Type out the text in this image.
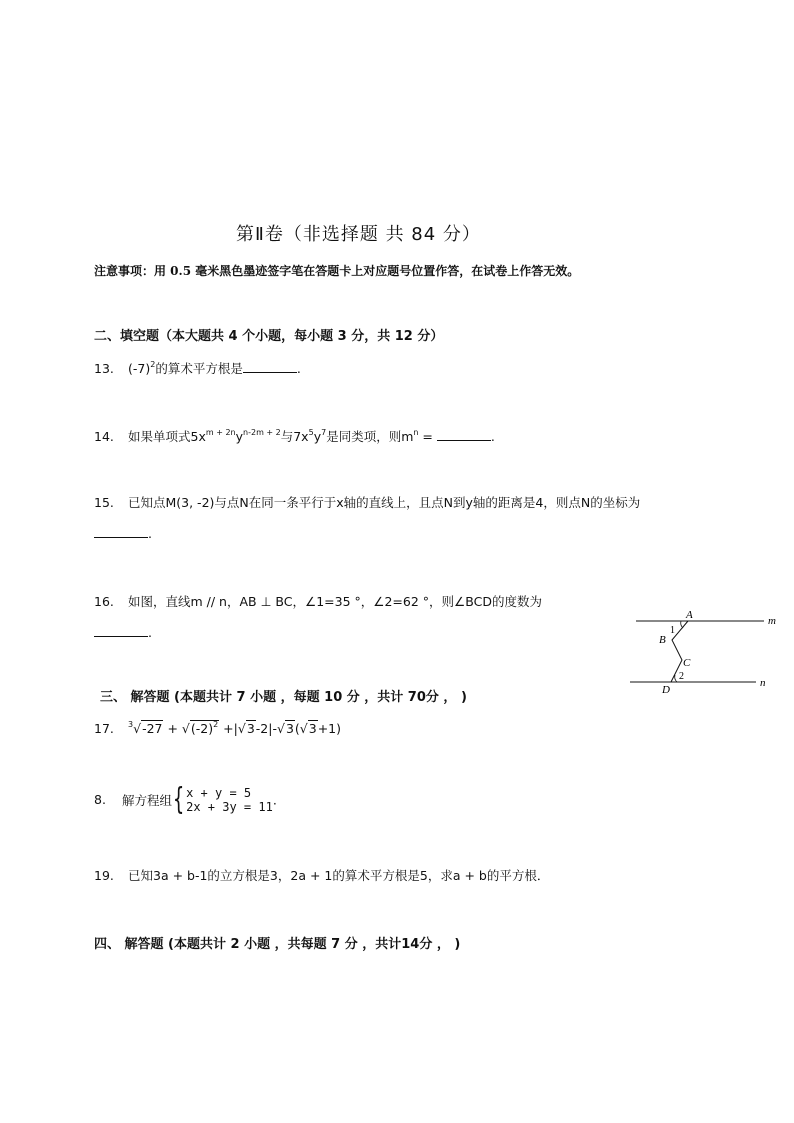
第Ⅱ卷（非选择题 共 84 分）
注意事项：用 0.5 毫米黑色墨迹签字笔在答题卡上对应题号位置作答，在试卷上作答无效。
二、填空题（本大题共 4 个小题，每小题 3 分，共 12 分）
13. $(-7)^2$的算术平方根是	.
14. 如果单项式$5x^{m + 2n}y^{n-2m + 2}$与$7x^5y^7$是同类项，则$m^n$ =	.
15. 已知点M(3, -2)与点N在同一条平行于x轴的直线上，且点N到y轴的距离是4，则点N的坐标为
.
16. 如图，直线m // n，AB ⊥ BC，∠1=35 °，∠2=62 °，则∠BCD的度数为
.
A
B
C
D
m
n
1
2
三、 解答题 (本题共计 7 小题 ，每题 10 分 ，共计 70分 ， )
17. $^3√-27 + √(-2)^2 +|√3-2|-√3(√3+1)$
8. 解方程组{x + y = 5
2x + 3y = 11.
19. 已知3a + b-1的立方根是3，2a + 1的算术平方根是5，求a + b的平方根．
四、 解答题 (本题共计 2 小题 ，共每题 7 分 ，共计14分 ， )
